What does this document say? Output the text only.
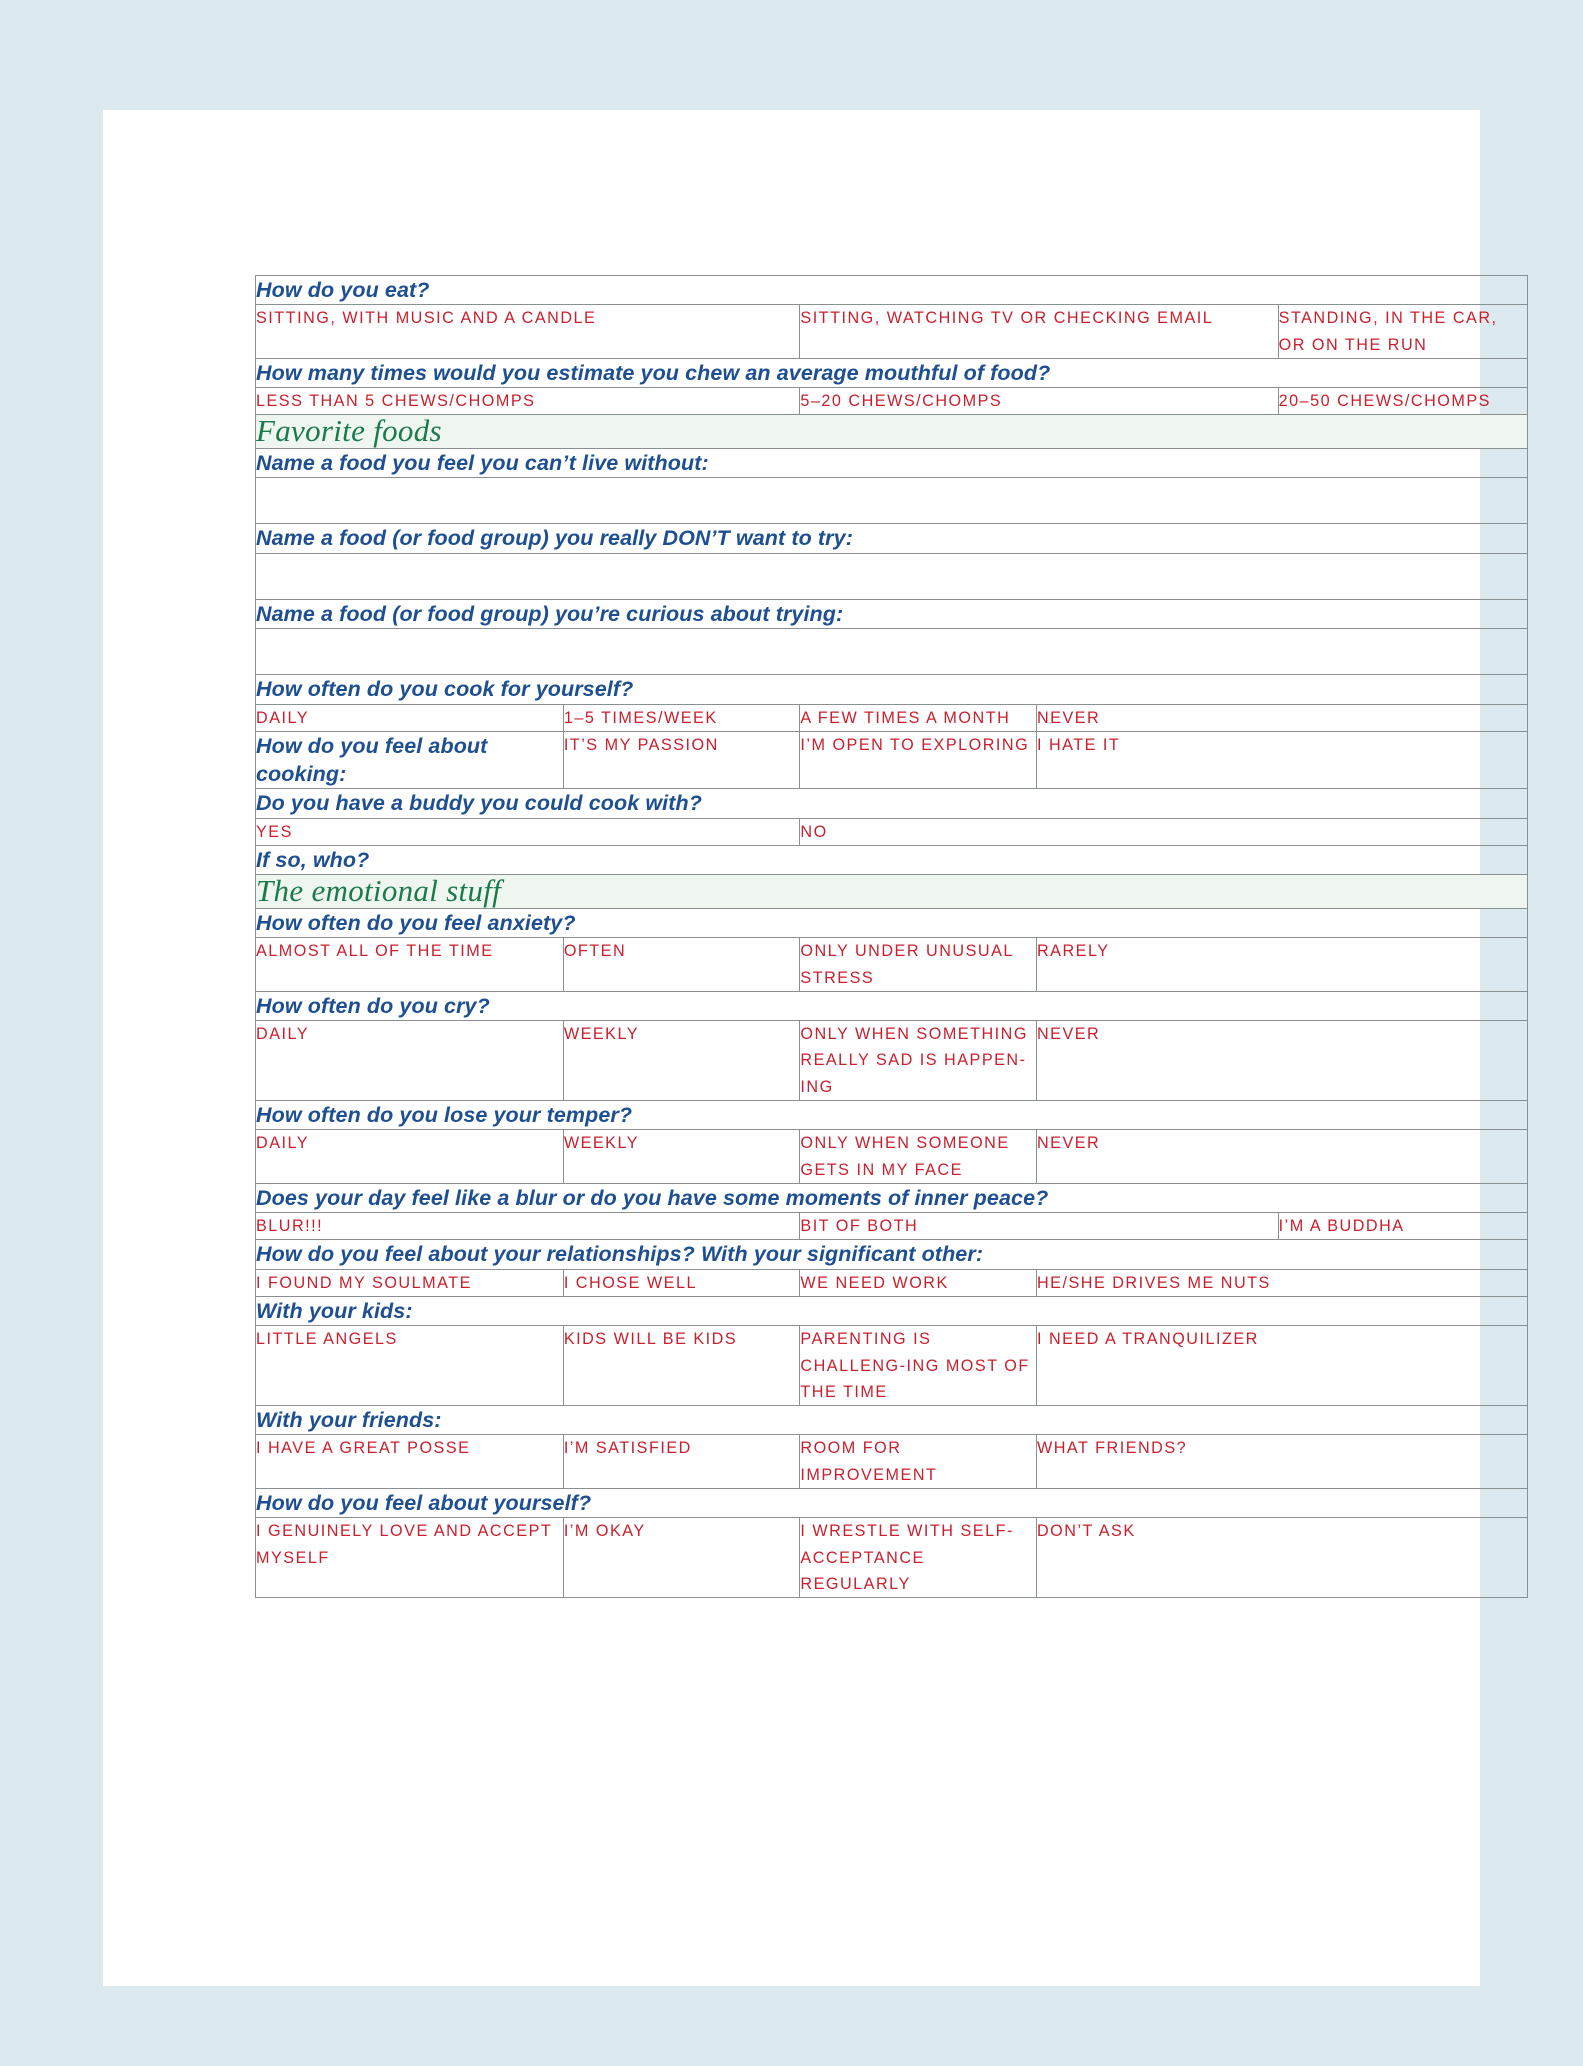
How do you eat?				
SITTING, WITH MUSIC AND A CANDLE		SITTING, WATCHING TV OR CHECKING EMAIL		STANDING, IN THE CAR, OR ON THE RUN
How many times would you estimate you chew an average mouthful of food?				
LESS THAN 5 CHEWS/CHOMPS		5–20 CHEWS/CHOMPS		20–50 CHEWS/CHOMPS

Favorite foods				

Name a food you feel you can’t live without:				

Name a food (or food group) you really DON’T want to try:				

Name a food (or food group) you’re curious about trying:				

How often do you cook for yourself?				
DAILY	1–5 TIMES/WEEK	A FEW TIMES A MONTH	NEVER	
How do you feel about cooking:	IT’S MY PASSION	I’M OPEN TO EXPLORING	I HATE IT	
Do you have a buddy you could cook with?				
YES		NO		
If so, who?				

The emotional stuff				

How often do you feel anxiety?				
ALMOST ALL OF THE TIME	OFTEN	ONLY UNDER UNUSUAL STRESS	RARELY	
How often do you cry?				
DAILY	WEEKLY	ONLY WHEN SOMETHING REALLY SAD IS HAPPEN-ING	NEVER	
How often do you lose your temper?				
DAILY	WEEKLY	ONLY WHEN SOMEONE GETS IN MY FACE	NEVER	
Does your day feel like a blur or do you have some moments of inner peace?				
BLUR!!!		BIT OF BOTH		I’M A BUDDHA
How do you feel about your relationships? With your significant other:				
I FOUND MY SOULMATE	I CHOSE WELL	WE NEED WORK	HE/SHE DRIVES ME NUTS	
With your kids:				
LITTLE ANGELS	KIDS WILL BE KIDS	PARENTING IS CHALLENG-ING MOST OF THE TIME	I NEED A TRANQUILIZER	
With your friends:				
I HAVE A GREAT POSSE	I’M SATISFIED	ROOM FOR IMPROVEMENT	WHAT FRIENDS?	
How do you feel about yourself?				
I GENUINELY LOVE AND ACCEPT MYSELF	I’M OKAY	I WRESTLE WITH SELF-ACCEPTANCE REGULARLY	DON’T ASK	
